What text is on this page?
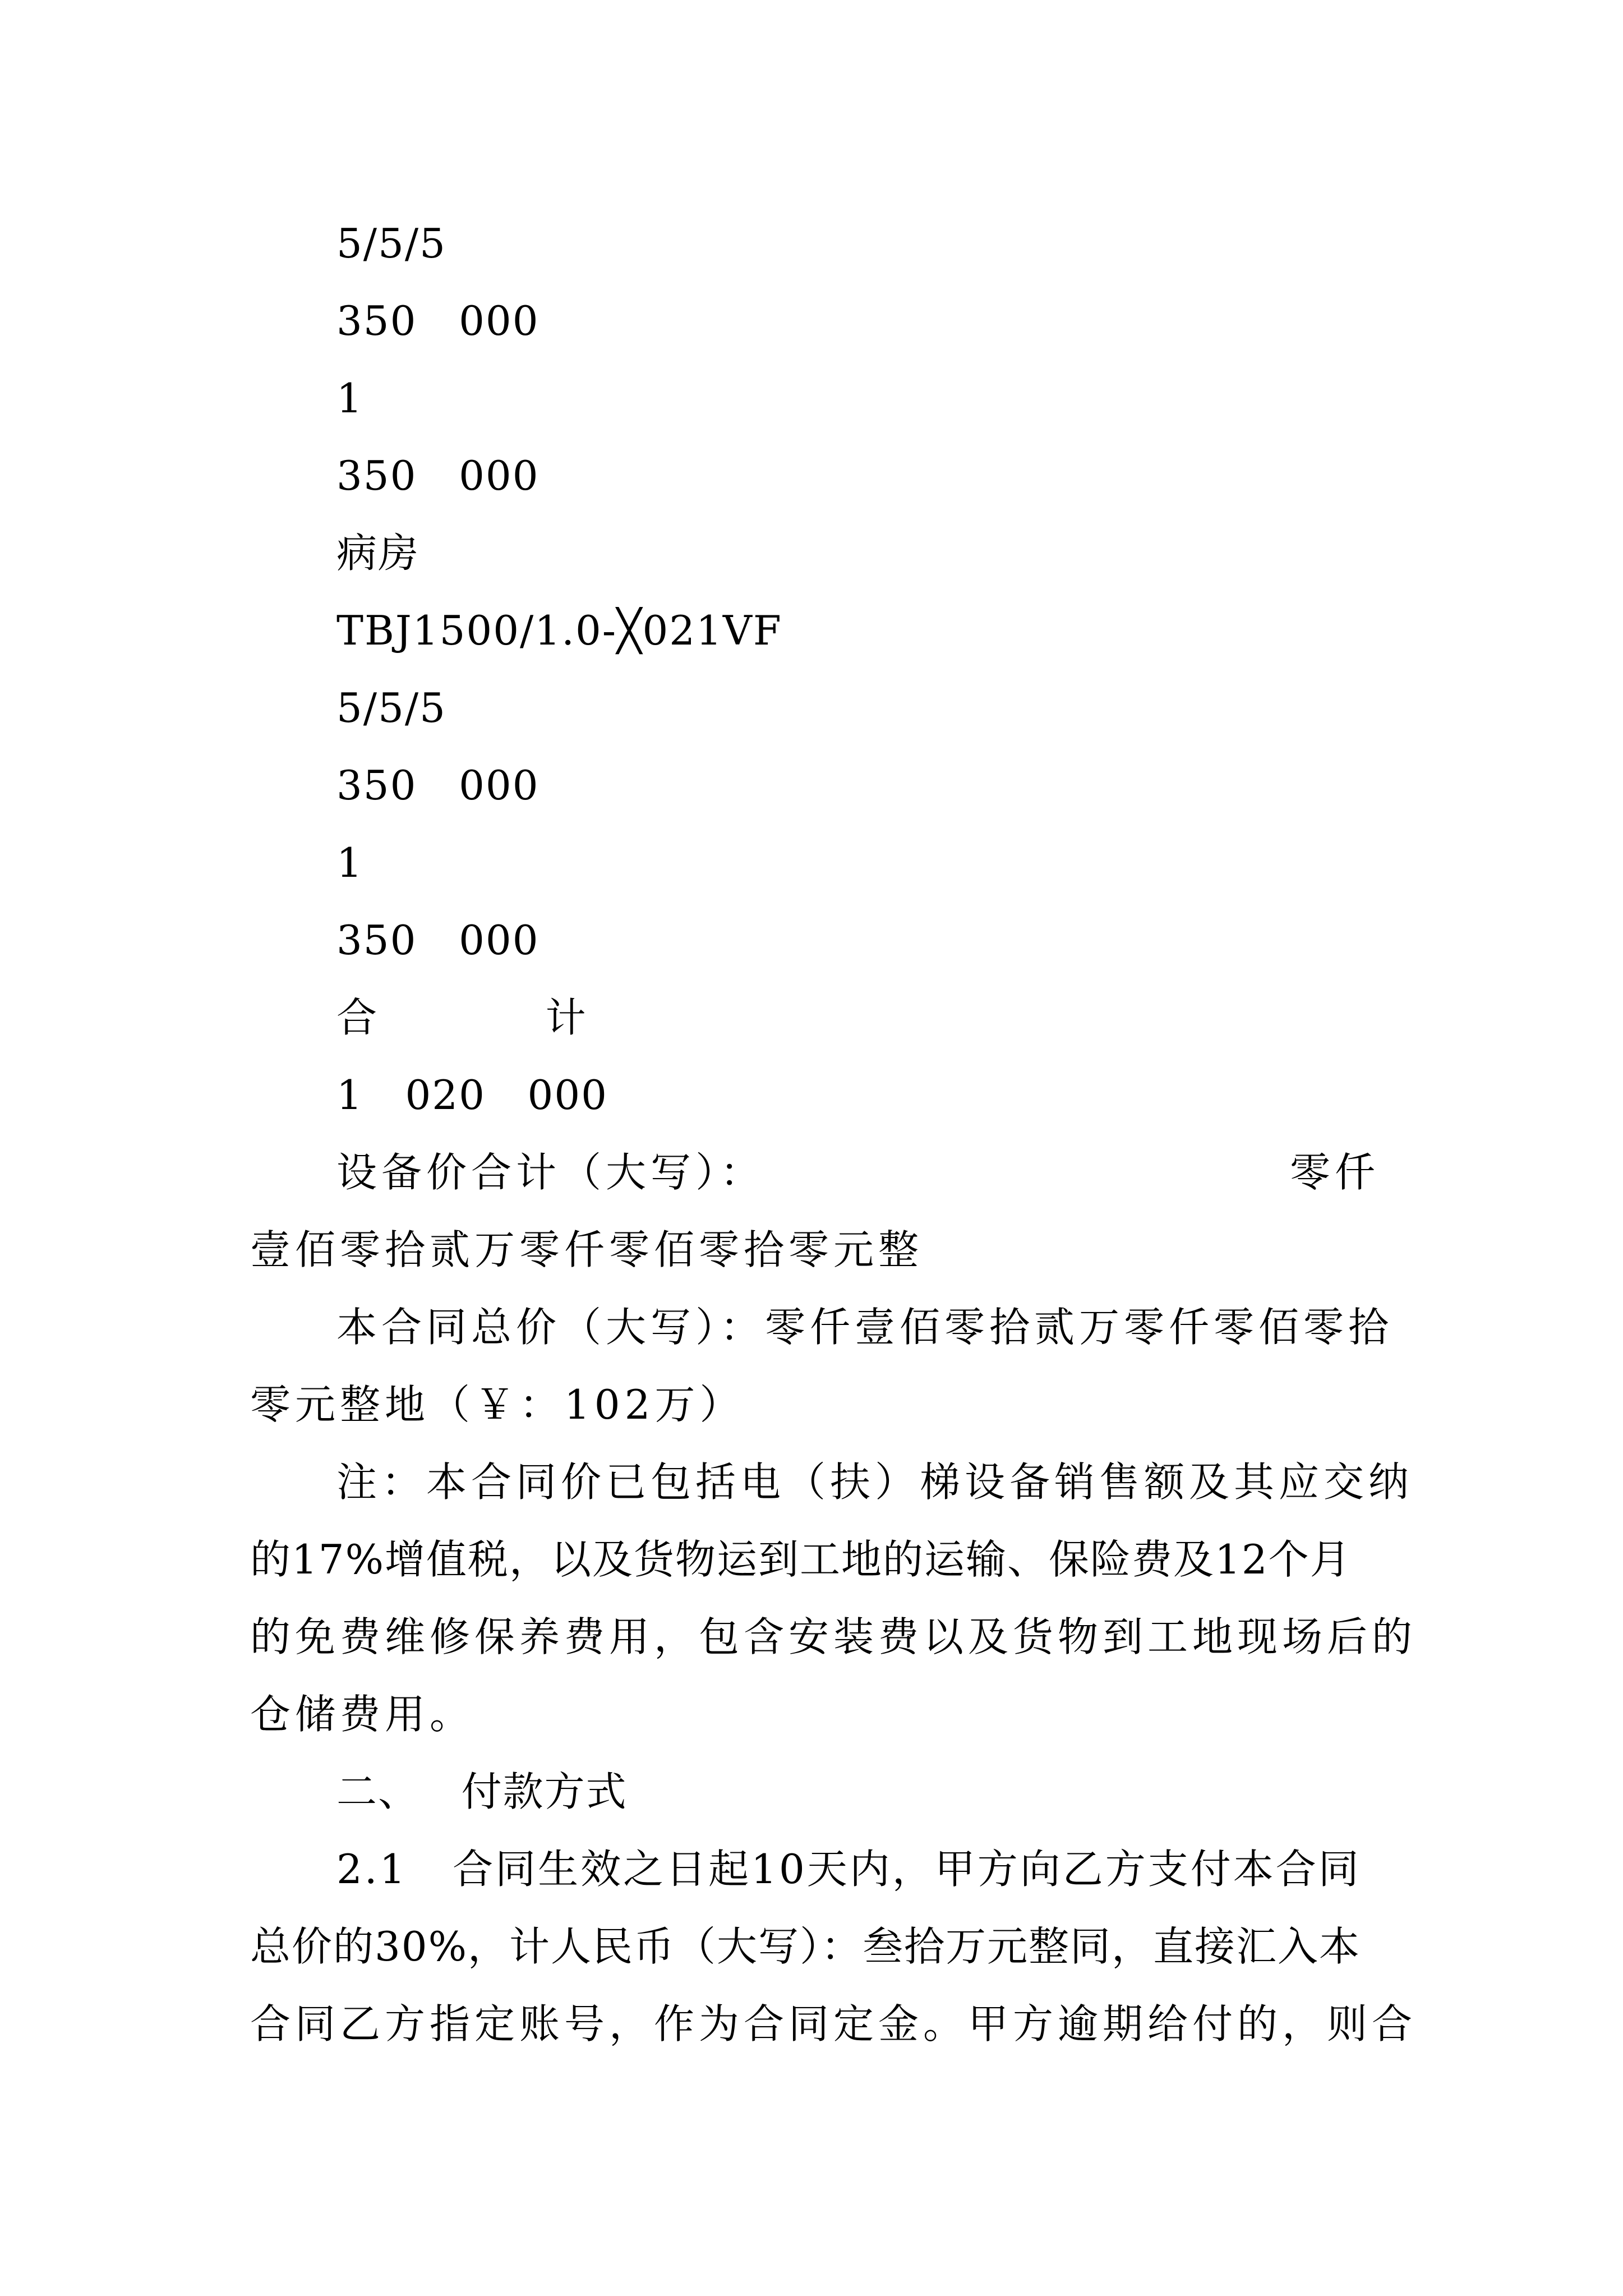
5/5/5
350   000
1
350   000
病房
TBJ1500/1.0-╳021VF
5/5/5
350   000
1
350   000
合            计
1   020   000
设备价合计（大写）：	零仟
壹佰零拾贰万零仟零佰零拾零元整
本合同总价（大写）：零仟壹佰零拾贰万零仟零佰零拾
零元整地（￥：102万）
注：本合同价已包括电（扶）梯设备销售额及其应交纳
的17%增值税，以及货物运到工地的运输、保险费及12个月
的免费维修保养费用，包含安装费以及货物到工地现场后的
仓储费用。
二、   付款方式
2.1   合同生效之日起10天内，甲方向乙方支付本合同
总价的30%，计人民币（大写）：叁拾万元整同，直接汇入本
合同乙方指定账号，作为合同定金。甲方逾期给付的，则合
